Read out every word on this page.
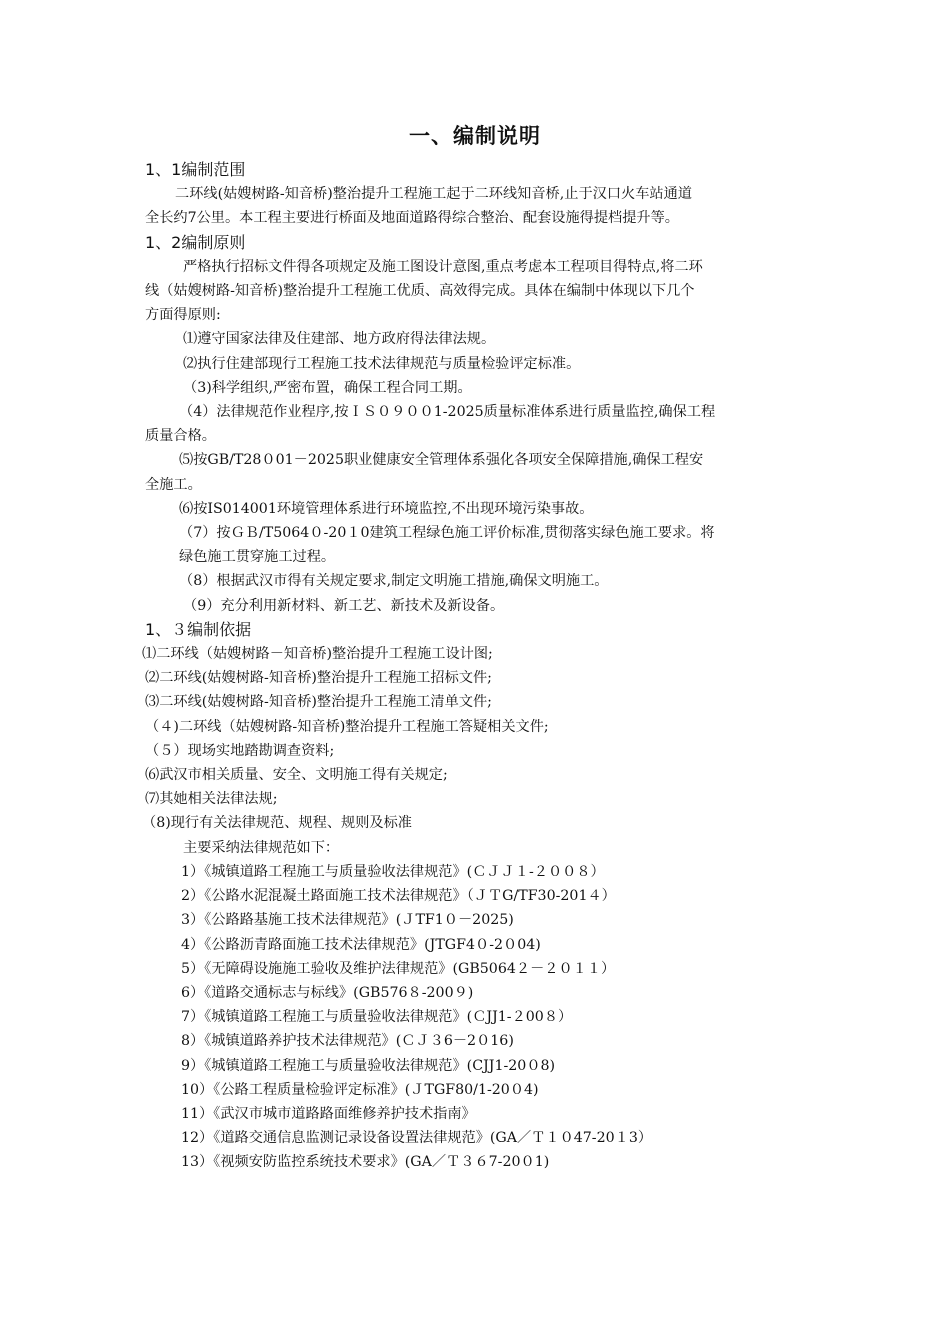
一、编制说明
1、1编制范围
二环线(姑嫂树路-知音桥)整治提升工程施工起于二环线知音桥,止于汉口火车站通道
全长约7公里。本工程主要进行桥面及地面道路得综合整治、配套设施得提档提升等。
1、2编制原则
严格执行招标文件得各项规定及施工图设计意图,重点考虑本工程项目得特点,将二环
线（姑嫂树路-知音桥)整治提升工程施工优质、高效得完成。具体在编制中体现以下几个
方面得原则:
⑴遵守国家法律及住建部、地方政府得法律法规。
⑵执行住建部现行工程施工技术法律规范与质量检验评定标准。
（3)科学组织,严密布置，确保工程合同工期。
（4）法律规范作业程序,按ＩＳ０９００1-2025质量标准体系进行质量监控,确保工程
质量合格。
⑸按GB/T28０01－2025职业健康安全管理体系强化各项安全保障措施,确保工程安
全施工。
⑹按IS014001环境管理体系进行环境监控,不出现环境污染事故。
（7）按ＧＢ/T5064０-20１0建筑工程绿色施工评价标准,贯彻落实绿色施工要求。将
绿色施工贯穿施工过程。
（8）根据武汉市得有关规定要求,制定文明施工措施,确保文明施工。
（9）充分利用新材料、新工艺、新技术及新设备。
1、３编制依据
⑴二环线（姑嫂树路－知音桥)整治提升工程施工设计图;
⑵二环线(姑嫂树路-知音桥)整治提升工程施工招标文件;
⑶二环线(姑嫂树路-知音桥)整治提升工程施工清单文件;
（４)二环线（姑嫂树路-知音桥)整治提升工程施工答疑相关文件;
（５）现场实地踏勘调查资料;
⑹武汉市相关质量、安全、文明施工得有关规定;
⑺其她相关法律法规;
（8)现行有关法律规范、规程、规则及标准
主要采纳法律规范如下：
1）《城镇道路工程施工与质量验收法律规范》(ＣＪＪ１-２００８）
2）《公路水泥混凝土路面施工技术法律规范》（ＪＴG/TF30-201４）
3）《公路路基施工技术法律规范》(ＪTF1０－2025)
4）《公路沥青路面施工技术法律规范》(JTGF4０-2０04)
5）《无障碍设施施工验收及维护法律规范》(GB5064２－２０１１）
6）《道路交通标志与标线》(GB576８-200９)
7）《城镇道路工程施工与质量验收法律规范》(ＣJJ1-２00８）
8）《城镇道路养护技术法律规范》(ＣＪ３6－2０16)
9）《城镇道路工程施工与质量验收法律规范》(CJJ1-20０8)
10）《公路工程质量检验评定标准》(ＪTGF80/1-20０4)
11）《武汉市城市道路路面维修养护技术指南》
12）《道路交通信息监测记录设备设置法律规范》(GA／Ｔ１０47-20１3）
13）《视频安防监控系统技术要求》(GA／Ｔ３６7-20０1)
